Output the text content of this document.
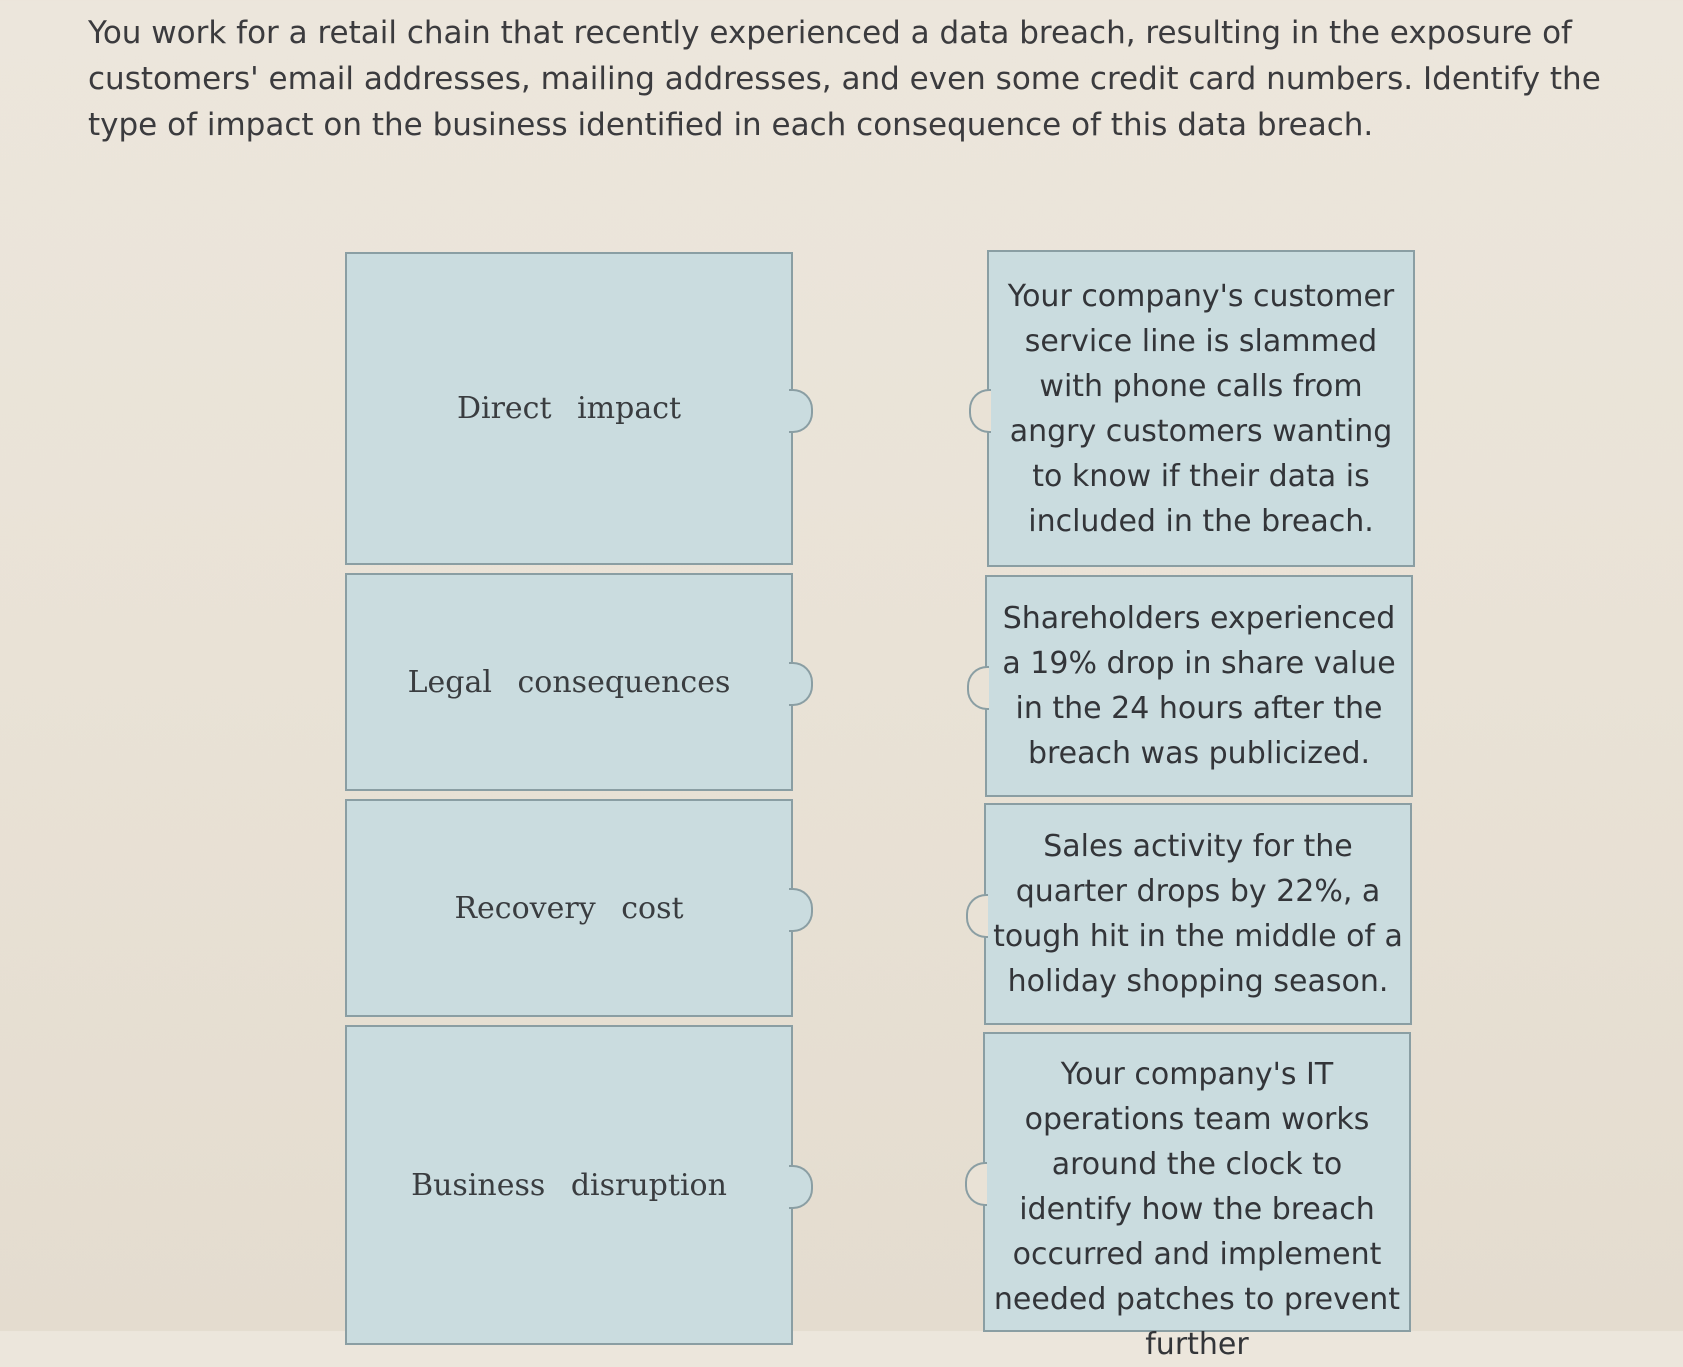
You work for a retail chain that recently experienced a data breach, resulting in the exposure of customers' email addresses, mailing addresses, and even some credit card numbers. Identify the type of impact on the business identified in each consequence of this data breach.

Direct impact
Legal consequences
Recovery cost
Business disruption
Your company's customer service line is slammed with phone calls from angry customers wanting to know if their data is included in the breach.
Shareholders experienced a 19% drop in share value in the 24 hours after the breach was publicized.
Sales activity for the quarter drops by 22%, a tough hit in the middle of a holiday shopping season.
Your company's IT operations team works around the clock to identify how the breach occurred and implement needed patches to prevent further
